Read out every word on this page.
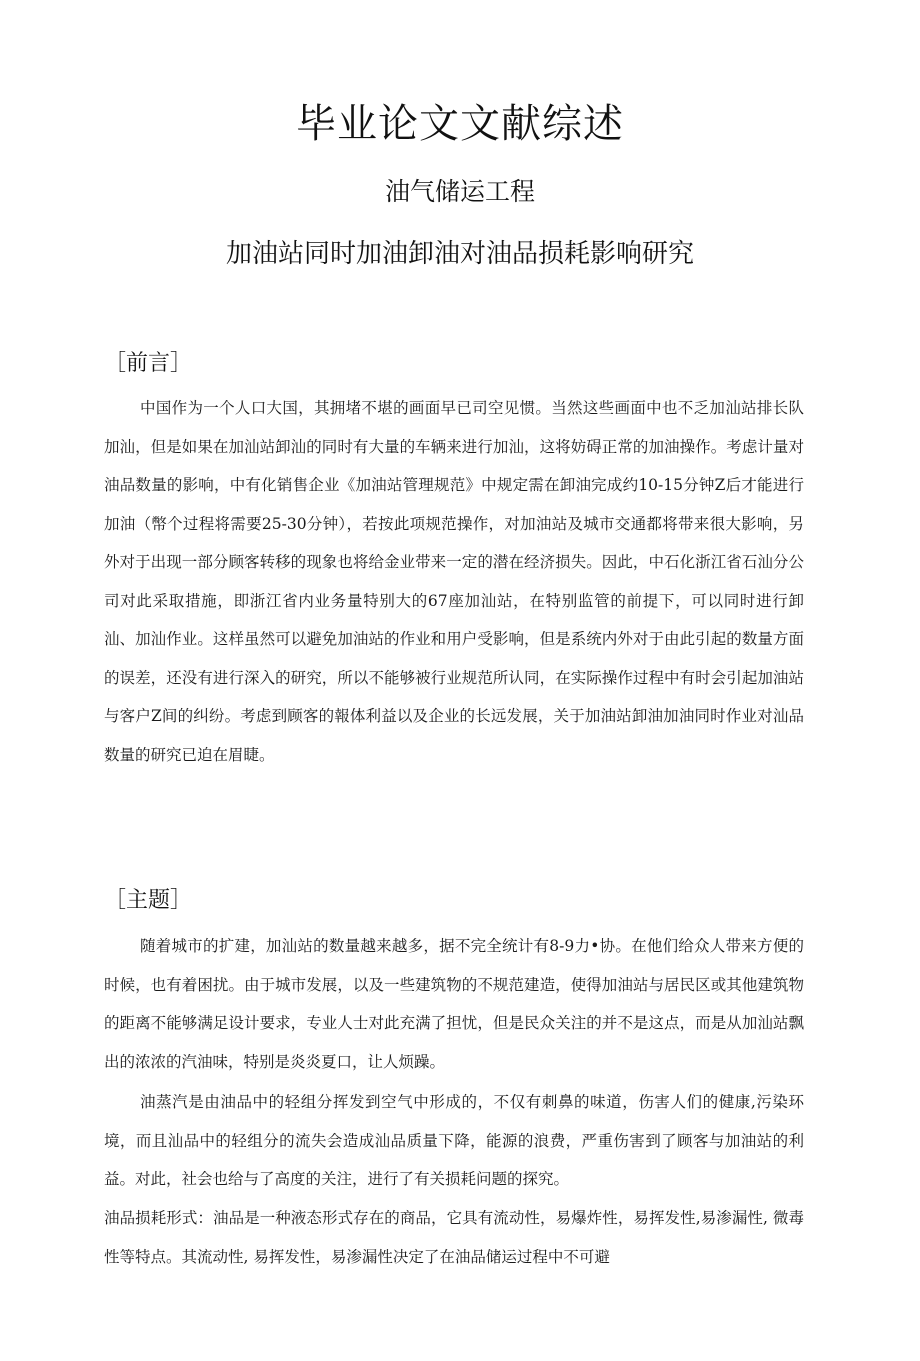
毕业论文文献综述
油气储运工程
加油站同时加油卸油对油品损耗影响研究
［前言］

中国作为一个人口大国，其拥堵不堪的画面早已司空见惯。当然这些画面中也不乏加汕站排长队加汕，但是如果在加汕站卸汕的同时有大量的车辆来进行加汕，这将妨碍正常的加油操作。考虑计量对油品数量的影响，中有化销售企业《加油站管理规范》中规定需在卸油完成约10-15分钟Z后才能进行加油（幣个过程将需要25-30分钟），若按此项规范操作，对加油站及城市交通都将带来很大影响，另外对于出现一部分顾客转移的现象也将给金业带来一定的潜在经济损失。因此，中石化浙江省石汕分公司对此采取措施，即浙江省内业务量特别大的67座加汕站，在特别监管的前提下，可以同时进行卸汕、加汕作业。这样虽然可以避免加油站的作业和用户受影响，但是系统内外对于由此引起的数量方面的误差，还没有进行深入的研究，所以不能够被行业规范所认同，在实际操作过程中有时会引起加油站与客户Z间的纠纷。考虑到顾客的報体利益以及企业的长远发展，关于加油站卸油加油同时作业对汕品数量的研究已迫在眉睫。

［主题］

随着城市的扩建，加汕站的数量越来越多，据不完全统计有8-9力•协。在他们给众人带来方便的时候，也有着困扰。由于城市发展，以及一些建筑物的不规范建造，使得加油站与居民区或其他建筑物的距离不能够满足设计要求，专业人士对此充满了担忧，但是民众关注的并不是这点，而是从加汕站飘出的浓浓的汽油味，特别是炎炎夏口，让人烦躁。

油蒸汽是由油品中的轻组分挥发到空气中形成的，不仅有刺鼻的味道，伤害人们的健康,污染环境，而且汕品中的轻组分的流失会造成汕品质量下降，能源的浪费，严重伤害到了顾客与加油站的利益。对此，社会也给与了高度的关注，进行了有关损耗问题的探究。

油品损耗形式：油品是一种液态形式存在的商品，它具有流动性，易爆炸性，易挥发性,易渗漏性, 微毒性等特点。其流动性, 易挥发性，易渗漏性决定了在油品储运过程中不可避
